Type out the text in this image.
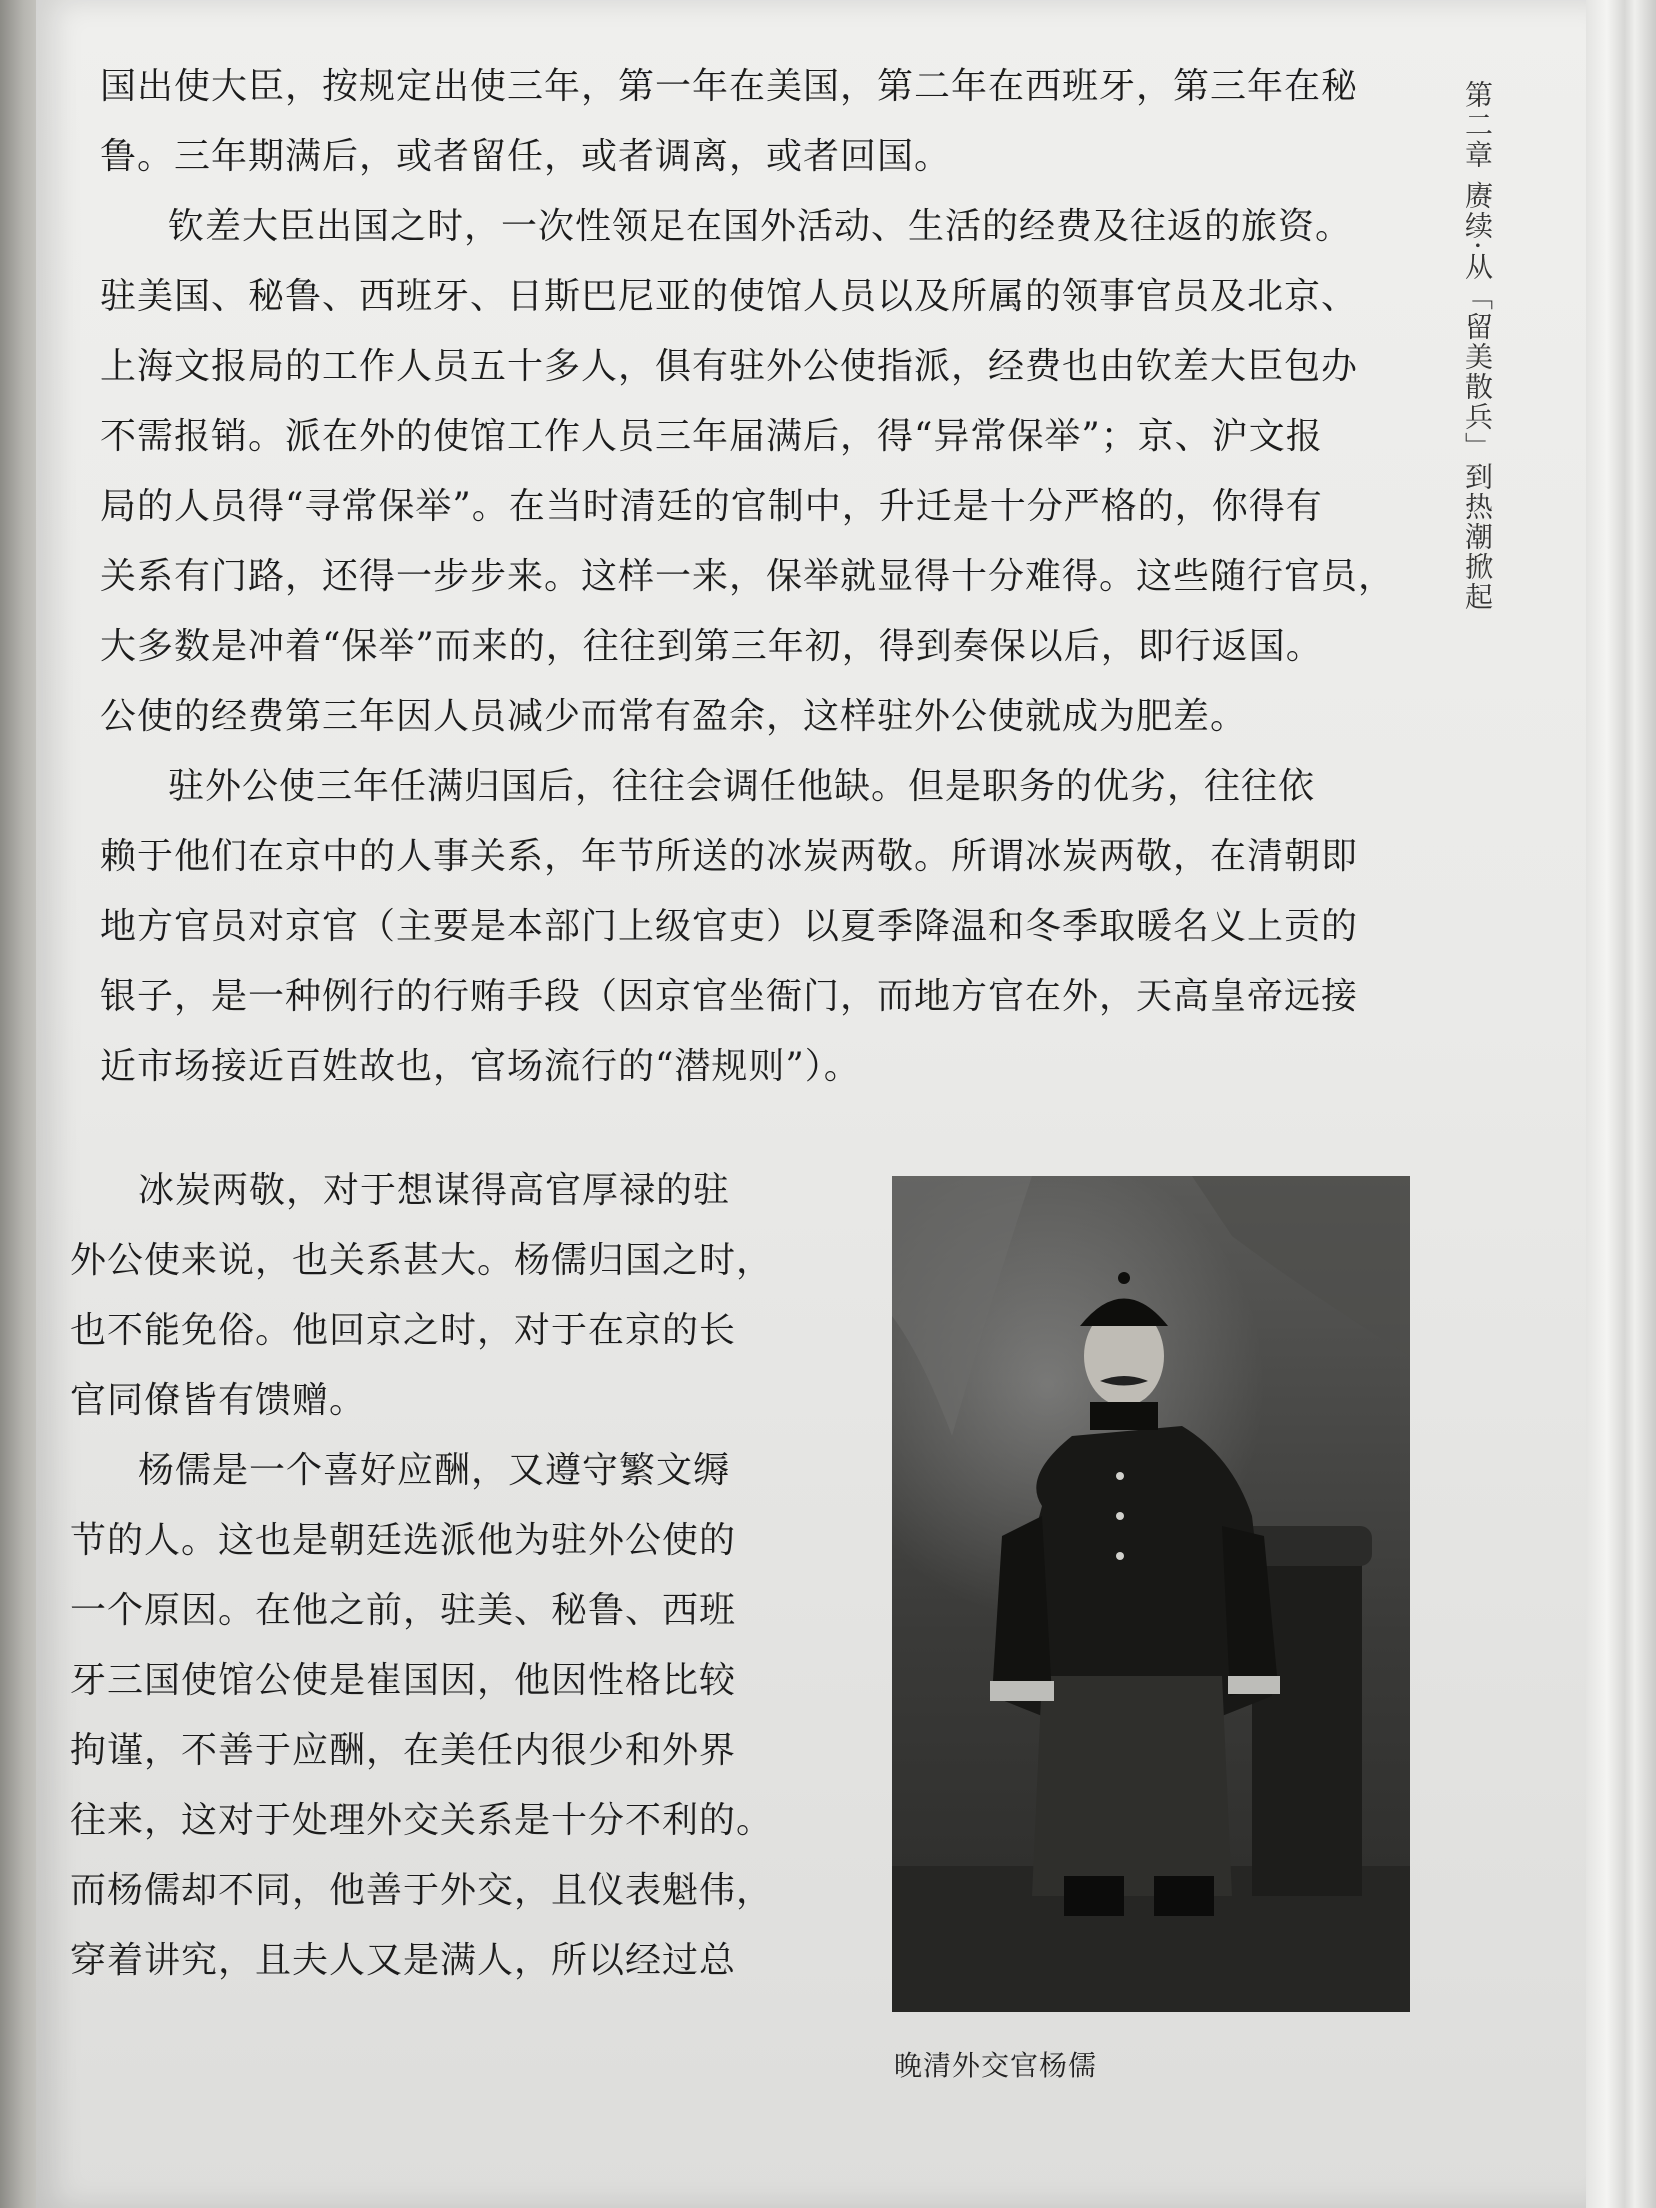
第二章 赓续·从「留美散兵」到热潮掀起
国出使大臣，按规定出使三年，第一年在美国，第二年在西班牙，第三年在秘
鲁。三年期满后，或者留任，或者调离，或者回国。
钦差大臣出国之时，一次性领足在国外活动、生活的经费及往返的旅资。
驻美国、秘鲁、西班牙、日斯巴尼亚的使馆人员以及所属的领事官员及北京、
上海文报局的工作人员五十多人，俱有驻外公使指派，经费也由钦差大臣包办
不需报销。派在外的使馆工作人员三年届满后，得“异常保举”；京、沪文报
局的人员得“寻常保举”。在当时清廷的官制中，升迁是十分严格的，你得有
关系有门路，还得一步步来。这样一来，保举就显得十分难得。这些随行官员，
大多数是冲着“保举”而来的，往往到第三年初，得到奏保以后，即行返国。
公使的经费第三年因人员减少而常有盈余，这样驻外公使就成为肥差。
驻外公使三年任满归国后，往往会调任他缺。但是职务的优劣，往往依
赖于他们在京中的人事关系，年节所送的冰炭两敬。所谓冰炭两敬，在清朝即
地方官员对京官（主要是本部门上级官吏）以夏季降温和冬季取暖名义上贡的
银子，是一种例行的行贿手段（因京官坐衙门，而地方官在外，天高皇帝远接
近市场接近百姓故也，官场流行的“潜规则”）。
冰炭两敬，对于想谋得高官厚禄的驻
外公使来说，也关系甚大。杨儒归国之时，
也不能免俗。他回京之时，对于在京的长
官同僚皆有馈赠。
杨儒是一个喜好应酬，又遵守繁文缛
节的人。这也是朝廷选派他为驻外公使的
一个原因。在他之前，驻美、秘鲁、西班
牙三国使馆公使是崔国因，他因性格比较
拘谨，不善于应酬，在美任内很少和外界
往来，这对于处理外交关系是十分不利的。
而杨儒却不同，他善于外交，且仪表魁伟，
穿着讲究，且夫人又是满人，所以经过总
晚清外交官杨儒
